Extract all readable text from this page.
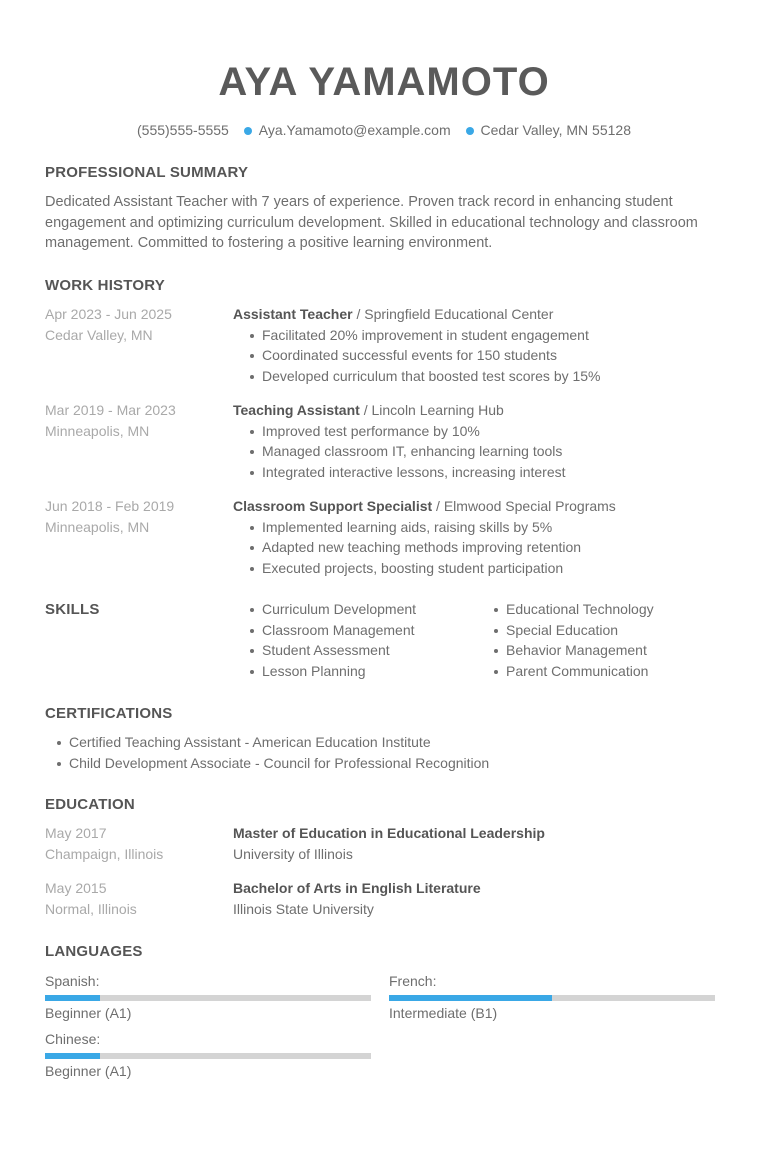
AYA YAMAMOTO
(555)555-5555 Aya.Yamamoto@example.com Cedar Valley, MN 55128
PROFESSIONAL SUMMARY
Dedicated Assistant Teacher with 7 years of experience. Proven track record in enhancing student engagement and optimizing curriculum development. Skilled in educational technology and classroom management. Committed to fostering a positive learning environment.
WORK HISTORY
Apr 2023 - Jun 2025
Cedar Valley, MN
Assistant Teacher / Springfield Educational Center
Facilitated 20% improvement in student engagement
Coordinated successful events for 150 students
Developed curriculum that boosted test scores by 15%
Mar 2019 - Mar 2023
Minneapolis, MN
Teaching Assistant / Lincoln Learning Hub
Improved test performance by 10%
Managed classroom IT, enhancing learning tools
Integrated interactive lessons, increasing interest
Jun 2018 - Feb 2019
Minneapolis, MN
Classroom Support Specialist / Elmwood Special Programs
Implemented learning aids, raising skills by 5%
Adapted new teaching methods improving retention
Executed projects, boosting student participation
SKILLS	Curriculum Development
Classroom Management
Student Assessment
Lesson Planning
Educational Technology
Special Education
Behavior Management
Parent Communication
CERTIFICATIONS
Certified Teaching Assistant - American Education Institute
Child Development Associate - Council for Professional Recognition
EDUCATION
May 2017
Champaign, Illinois
Master of Education in Educational Leadership
University of Illinois
May 2015
Normal, Illinois
Bachelor of Arts in English Literature
Illinois State University
LANGUAGES
Spanish:
Beginner (A1)
French:
Intermediate (B1)
Chinese:
Beginner (A1)
